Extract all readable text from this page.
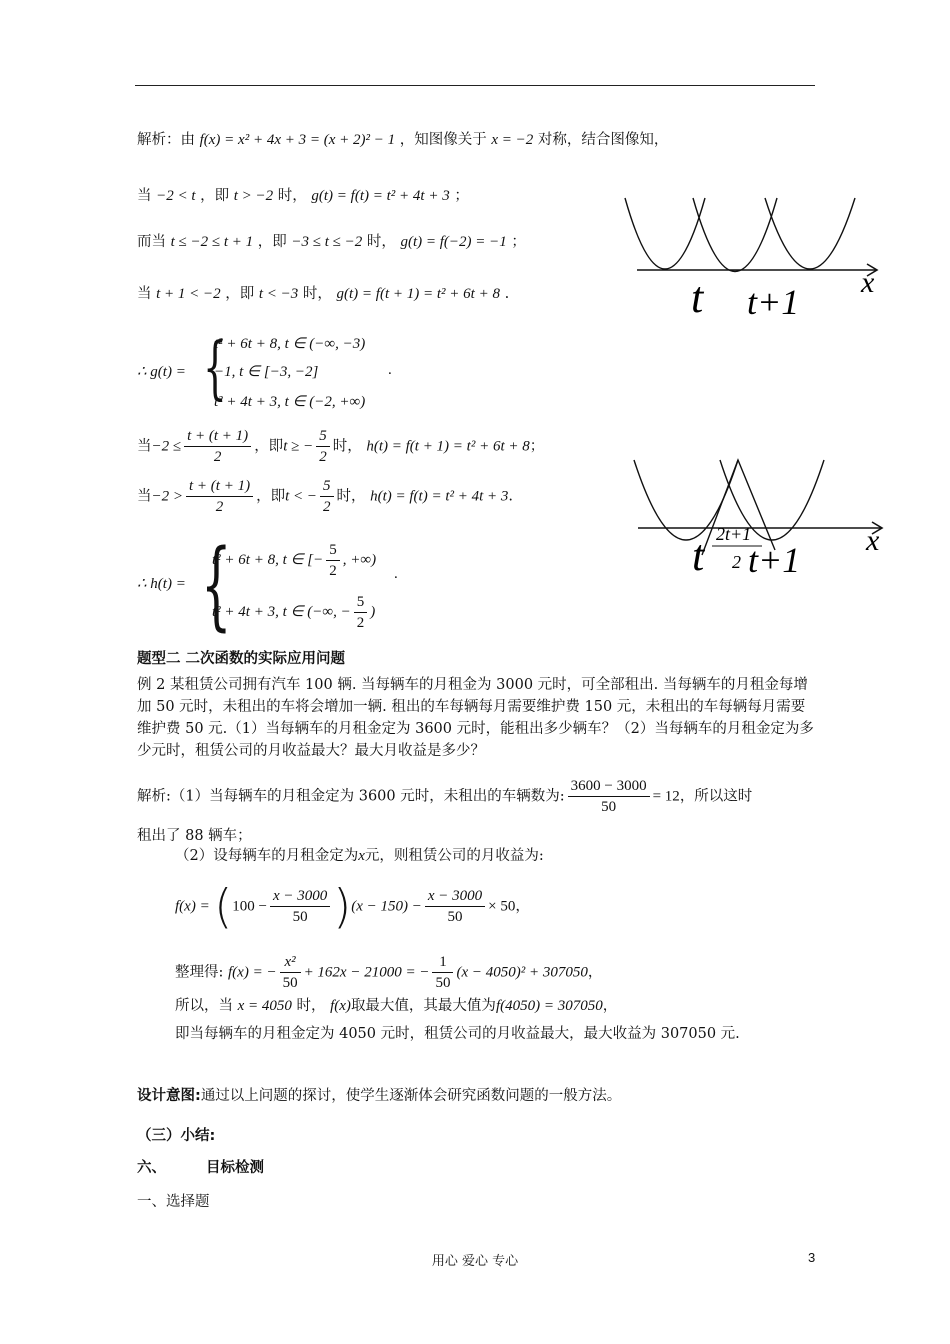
解析：由 f(x) = x² + 4x + 3 = (x + 2)² − 1 ，知图像关于 x = −2 对称，结合图像知，
当 −2 < t ，即 t > −2 时， g(t) = f(t) = t² + 4t + 3 ；
而当 t ≤ −2 ≤ t + 1 ，即 −3 ≤ t ≤ −2 时， g(t) = f(−2) = −1 ；
当 t + 1 < −2 ，即 t < −3 时， g(t) = f(t + 1) = t² + 6t + 8 .
∴ g(t) = {
t² + 6t + 8, t ∈ (−∞, −3)
−1, t ∈ [−3, −2]
t² + 4t + 3, t ∈ (−2, +∞)
.
当$-2 \le \frac{t + (t + 1)}{2}$ ，即t ≥ − $\frac{5}{2}$ 时， h(t) = f(t + 1) = t² + 6t + 8；
当$-2 > \frac{t + (t + 1)}{2}$ ，即t < − $\frac{5}{2}$ 时， h(t) = f(t) = t² + 4t + 3.
∴ h(t) = {
t² + 6t + 8, t ∈ [− $\frac{5}{2}$ , +∞)
t² + 4t + 3, t ∈ (−∞, − $\frac{5}{2}$ )
.
t t+1 x
t 2t+1
2 t+1 x
题型二 二次函数的实际应用问题
例 2 某租赁公司拥有汽车 100 辆. 当每辆车的月租金为 3000 元时，可全部租出. 当每辆车的月租金每增加 50 元时，未租出的车将会增加一辆. 租出的车每辆每月需要维护费 150 元，未租出的车每辆每月需要维护费 50 元.（1）当每辆车的月租金定为 3600 元时，能租出多少辆车？（2）当每辆车的月租金定为多少元时，租赁公司的月收益最大？最大月收益是多少？
解析:（1）当每辆车的月租金定为 3600 元时，未租出的车辆数为: $\frac{3600 - 3000}{50} = 12$，所以这时
租出了 88 辆车；
（2）设每辆车的月租金定为x元，则租赁公司的月收益为:
$f(x) = (100 - \frac{x - 3000}{50} )(x - 150) - \frac{x - 3000}{50} \times 50$，
整理得: f(x) = − $\frac{\text{x²}}{50} + 162x - 21000$ = − $\frac{1}{50} (x - 4050)^2 + 307050$，
所以，当 x = 4050 时， f(x)取最大值，其最大值为f(4050) = 307050，
即当每辆车的月租金定为 4050 元时，租赁公司的月收益最大，最大收益为 307050 元.
设计意图:通过以上问题的探讨，使学生逐渐体会研究函数问题的一般方法。
（三）小结:
六、	目标检测
一、选择题
用心 爱心 专心	3
